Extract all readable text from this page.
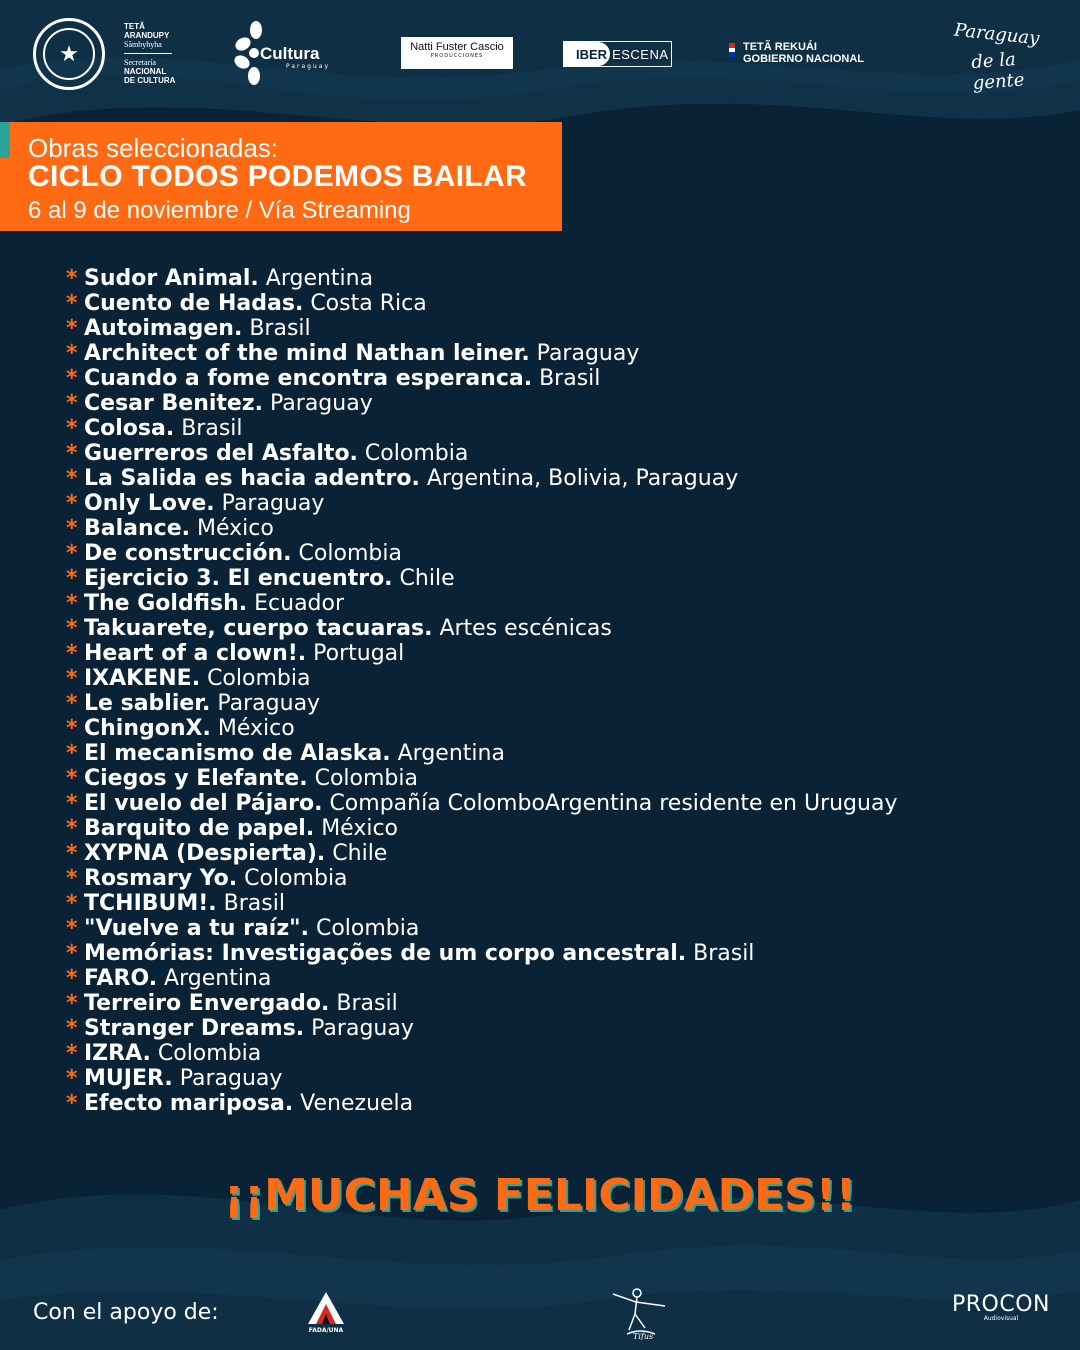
★
TETÃ
ARANDUPY
Sãmbyhyha
Secretaría
NACIONAL
DE CULTURA
Cultura
Paraguay
Natti Fuster Cascio
PRODUCCIONES	IBER ESCENA	TETÃ REKUÁI
GOBIERNO NACIONAL
Paraguay
de la gente
Obras seleccionadas:
CICLO TODOS PODEMOS BAILAR
6 al 9 de noviembre / Vía Streaming
* Sudor Animal. Argentina
* Cuento de Hadas. Costa Rica
* Autoimagen. Brasil
* Architect of the mind Nathan leiner. Paraguay
* Cuando a fome encontra esperanca. Brasil
* Cesar Benitez. Paraguay
* Colosa. Brasil
* Guerreros del Asfalto. Colombia
* La Salida es hacia adentro. Argentina, Bolivia, Paraguay
* Only Love. Paraguay
* Balance. México
* De construcción. Colombia
* Ejercicio 3. El encuentro. Chile
* The Goldfish. Ecuador
* Takuarete, cuerpo tacuaras. Artes escénicas
* Heart of a clown!. Portugal
* IXAKENE. Colombia
* Le sablier. Paraguay
* ChingonX. México
* El mecanismo de Alaska. Argentina
* Ciegos y Elefante. Colombia
* El vuelo del Pájaro. Compañía ColomboArgentina residente en Uruguay
* Barquito de papel. México
* XYPNA (Despierta). Chile
* Rosmary Yo. Colombia
* TCHIBUM!. Brasil
* "Vuelve a tu raíz". Colombia
* Memórias: Investigações de um corpo ancestral. Brasil
* FARO. Argentina
* Terreiro Envergado. Brasil
* Stranger Dreams. Paraguay
* IZRA. Colombia
* MUJER. Paraguay
* Efecto mariposa. Venezuela
¡¡MUCHAS FELICIDADES!!
Con el apoyo de:
FADA/UNA
Tifus
PROCON
Audiovisual
